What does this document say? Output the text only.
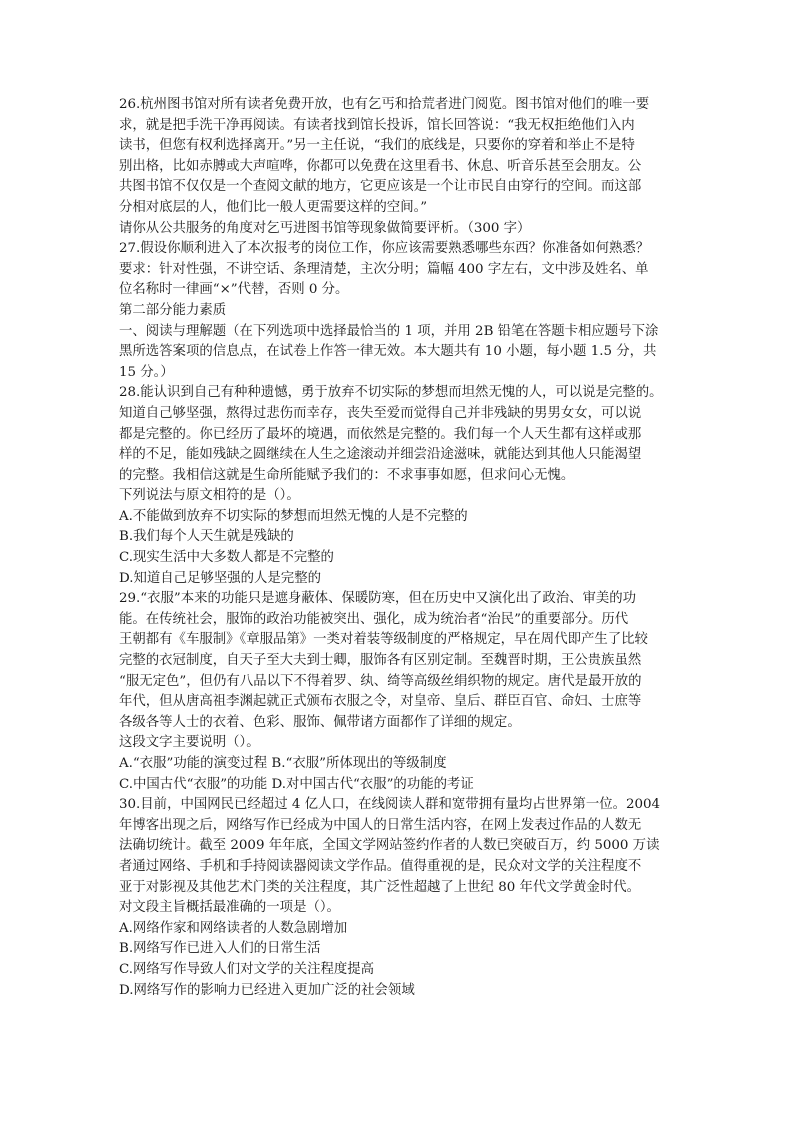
26.杭州图书馆对所有读者免费开放，也有乞丐和拾荒者进门阅览。图书馆对他们的唯一要

求，就是把手洗干净再阅读。有读者找到馆长投诉，馆长回答说：“我无权拒绝他们入内

读书，但您有权利选择离开。”另一主任说，“我们的底线是，只要你的穿着和举止不是特

别出格，比如赤膊或大声喧哗，你都可以免费在这里看书、休息、听音乐甚至会朋友。公

共图书馆不仅仅是一个查阅文献的地方，它更应该是一个让市民自由穿行的空间。而这部

分相对底层的人，他们比一般人更需要这样的空间。”

请你从公共服务的角度对乞丐进图书馆等现象做简要评析。（300 字）

27.假设你顺利进入了本次报考的岗位工作，你应该需要熟悉哪些东西？你准备如何熟悉？

要求：针对性强，不讲空话、条理清楚，主次分明；篇幅 400 字左右，文中涉及姓名、单

位名称时一律画“×”代替，否则 0 分。

第二部分能力素质

一、阅读与理解题（在下列选项中选择最恰当的 1 项，并用 2B 铅笔在答题卡相应题号下涂

黑所选答案项的信息点，在试卷上作答一律无效。本大题共有 10 小题，每小题 1.5 分，共

15 分。）

28.能认识到自己有种种遗憾，勇于放弃不切实际的梦想而坦然无愧的人，可以说是完整的。

知道自己够坚强，熬得过悲伤而幸存，丧失至爱而觉得自己并非残缺的男男女女，可以说

都是完整的。你已经历了最坏的境遇，而依然是完整的。我们每一个人天生都有这样或那

样的不足，能如残缺之圆继续在人生之途滚动并细尝沿途滋味，就能达到其他人只能渴望

的完整。我相信这就是生命所能赋予我们的：不求事事如愿，但求问心无愧。

下列说法与原文相符的是（）。

A.不能做到放弃不切实际的梦想而坦然无愧的人是不完整的

B.我们每个人天生就是残缺的

C.现实生活中大多数人都是不完整的

D.知道自己足够坚强的人是完整的

29.“衣服”本来的功能只是遮身蔽体、保暖防寒，但在历史中又演化出了政治、审美的功

能。在传统社会，服饰的政治功能被突出、强化，成为统治者“治民”的重要部分。历代

王朝都有《车服制》《章服品第》一类对着装等级制度的严格规定，早在周代即产生了比较

完整的衣冠制度，自天子至大夫到士卿，服饰各有区别定制。至魏晋时期，王公贵族虽然

“服无定色”，但仍有八品以下不得着罗、纨、绮等高级丝绢织物的规定。唐代是最开放的

年代，但从唐高祖李渊起就正式颁布衣服之令，对皇帝、皇后、群臣百官、命妇、士庶等

各级各等人士的衣着、色彩、服饰、佩带诸方面都作了详细的规定。

这段文字主要说明（）。

A.“衣服”功能的演变过程 B.“衣服”所体现出的等级制度

C.中国古代“衣服”的功能 D.对中国古代“衣服”的功能的考证

30.目前，中国网民已经超过 4 亿人口，在线阅读人群和宽带拥有量均占世界第一位。2004

年博客出现之后，网络写作已经成为中国人的日常生活内容，在网上发表过作品的人数无

法确切统计。截至 2009 年年底，全国文学网站签约作者的人数已突破百万，约 5000 万读

者通过网络、手机和手持阅读器阅读文学作品。值得重视的是，民众对文学的关注程度不

亚于对影视及其他艺术门类的关注程度，其广泛性超越了上世纪 80 年代文学黄金时代。

对文段主旨概括最准确的一项是（）。

A.网络作家和网络读者的人数急剧增加

B.网络写作已进入人们的日常生活

C.网络写作导致人们对文学的关注程度提高

D.网络写作的影响力已经进入更加广泛的社会领域
